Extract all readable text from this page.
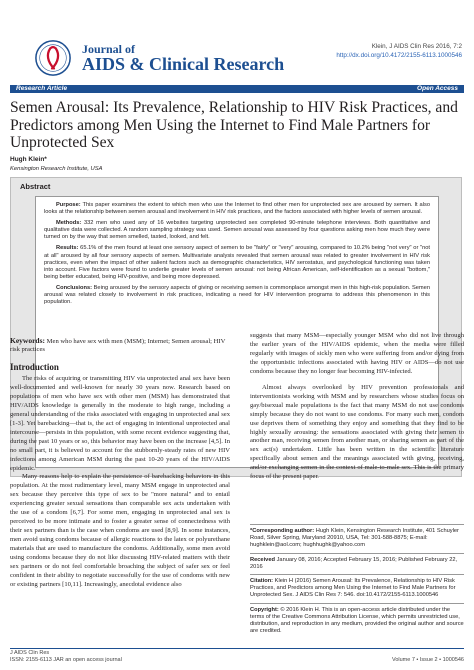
Journal of
AIDS & Clinical Research
Klein, J AIDS Clin Res 2016, 7:2
http://dx.doi.org/10.4172/2155-6113.1000546
Research Article	Open Access
Semen Arousal: Its Prevalence, Relationship to HIV Risk Practices, and Predictors among Men Using the Internet to Find Male Partners for Unprotected Sex
Hugh Klein*
Kensington Research Institute, USA
Abstract

Purpose: This paper examines the extent to which men who use the Internet to find other men for unprotected sex are aroused by semen. It also looks at the relationship between semen arousal and involvement in HIV risk practices, and the factors associated with higher levels of semen arousal.

Methods: 332 men who used any of 16 websites targeting unprotected sex completed 90-minute telephone interviews. Both quantitative and qualitative data were collected. A random sampling strategy was used. Semen arousal was assessed by four questions asking men how much they were turned on by the way that semen smelled, tasted, looked, and felt.

Results: 65.1% of the men found at least one sensory aspect of semen to be "fairly" or "very" arousing, compared to 10.2% being "not very" or "not at all" aroused by all four sensory aspects of semen. Multivariate analysis revealed that semen arousal was related to greater involvement in HIV risk practices, even when the impact of other salient factors such as demographic characteristics, HIV serostatus, and psychological functioning was taken into account. Five factors were found to underlie greater levels of semen arousal: not being African American, self-identification as a sexual "bottom," being better educated, being HIV-positive, and being more depressed.

Conclusions: Being aroused by the sensory aspects of giving or receiving semen is commonplace amongst men in this high-risk population. Semen arousal was related closely to involvement in risk practices, indicating a need for HIV intervention programs to address this phenomenon in this population.

Keywords: Men who have sex with men (MSM); Internet; Semen arousal; HIV risk practices
Introduction

The risks of acquiring or transmitting HIV via unprotected anal sex have been well-documented and well-known for nearly 30 years now. Research based on populations of men who have sex with other men (MSM) has demonstrated that HIV/AIDS knowledge is generally in the moderate to high range, including a general understanding of the risks associated with engaging in unprotected anal sex [1-3]. Yet barebacking—that is, the act of engaging in intentional unprotected anal intercourse—persists in this population, with some recent evidence suggesting that, during the past 10 years or so, this behavior may have been on the increase [4,5]. In no small part, it is believed to account for the stubbornly-steady rates of new HIV infections among American MSM during the past 10-20 years of the HIV/AIDS epidemic.

Many reasons help to explain the persistence of barebacking behaviors in this population. At the most rudimentary level, many MSM engage in unprotected anal sex because they perceive this type of sex to be "more natural" and to entail experiencing greater sexual sensations than comparable sex acts undertaken with the use of a condom [6,7]. For some men, engaging in unprotected anal sex is perceived to be more intimate and to foster a greater sense of connectedness with their sex partners than is the case when condoms are used [8,9]. In some instances, men avoid using condoms because of allergic reactions to the latex or polyurethane materials that are used to manufacture the condoms. Additionally, some men avoid using condoms because they do not like discussing HIV-related matters with their sex partners or do not feel comfortable broaching the subject of safer sex or feel confident in their ability to negotiate successfully for the use of condoms with new or existing partners [10,11]. Increasingly, anecdotal evidence also

suggests that many MSM—especially younger MSM who did not live through the earlier years of the HIV/AIDS epidemic, when the media were filled regularly with images of sickly men who were suffering from and/or dying from the opportunistic infections associated with having HIV or AIDS—do not use condoms because they no longer fear becoming HIV-infected.

Almost always overlooked by HIV prevention professionals and interventionists working with MSM and by researchers whose studies focus on gay/bisexual male populations is the fact that many MSM do not use condoms simply because they do not want to use condoms. For many such men, condom use deprives them of something they enjoy and something that they find to be highly sexually arousing: the sensations associated with giving their semen to another man, receiving semen from another man, or sharing semen as part of the sex act(s) undertaken. Little has been written in the scientific literature specifically about semen and the meanings associated with giving, receiving, and/or exchanging semen in the context of male-to-male sex. This is the primary focus of the present paper.

*Corresponding author: Hugh Klein, Kensington Research Institute, 401 Schuyler Road, Silver Spring, Maryland 20910, USA, Tel: 301-588-8875; E-mail: hughklein@aol.com; hughhughk@yahoo.com

Received January 08, 2016; Accepted February 15, 2016; Published February 22, 2016

Citation: Klein H (2016) Semen Arousal: Its Prevalence, Relationship to HIV Risk Practices, and Predictors among Men Using the Internet to Find Male Partners for Unprotected Sex. J AIDS Clin Res 7: 546. doi:10.4172/2155-6113.1000546

Copyright: © 2016 Klein H. This is an open-access article distributed under the terms of the Creative Commons Attribution License, which permits unrestricted use, distribution, and reproduction in any medium, provided the original author and source are credited.

J AIDS Clin Res
ISSN: 2155-6113 JAR an open access journal	Volume 7 • Issue 2 • 1000546
